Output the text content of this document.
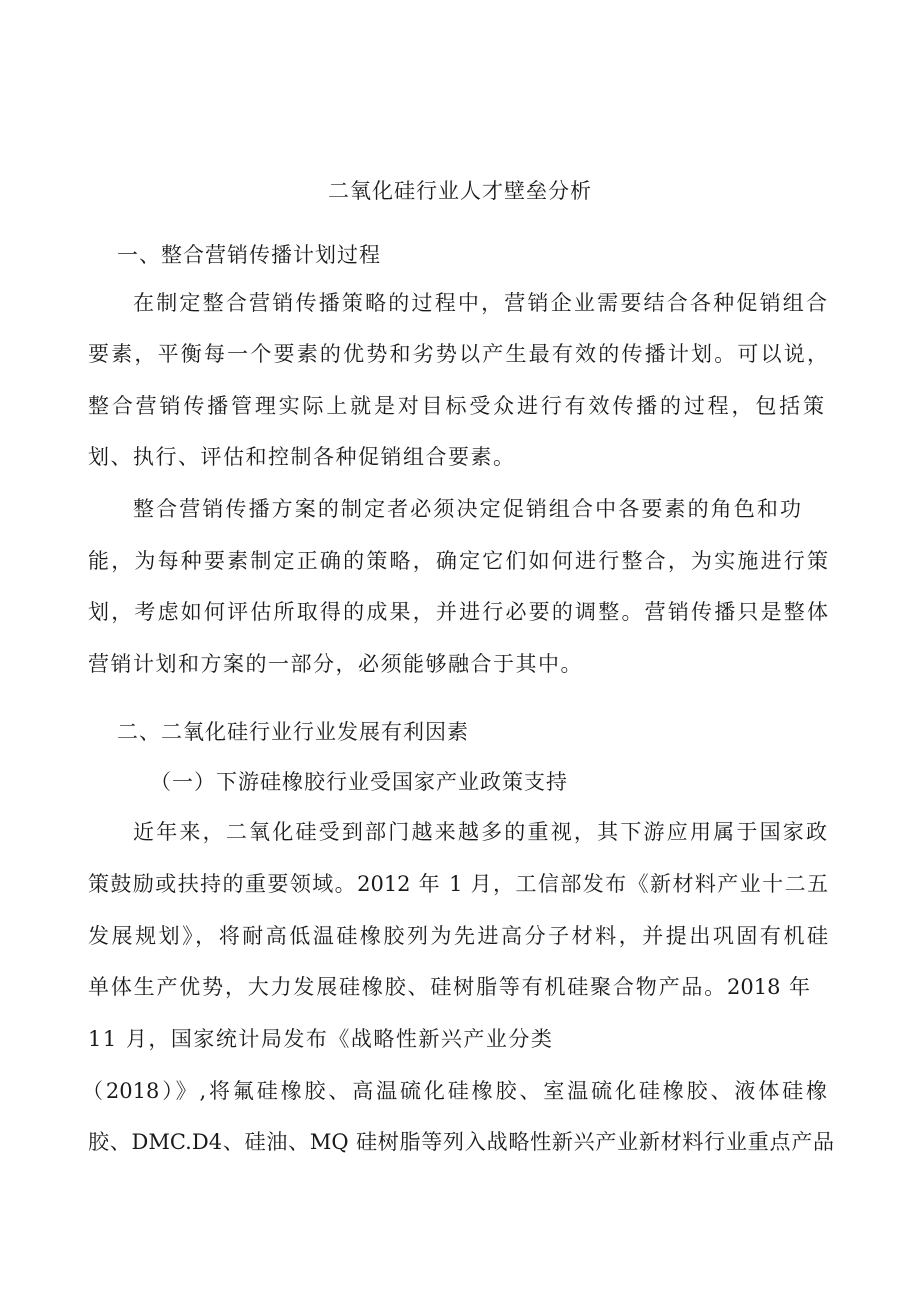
二氧化硅行业人才壁垒分析
一、整合营销传播计划过程
在制定整合营销传播策略的过程中，营销企业需要结合各种促销组合
要素，平衡每一个要素的优势和劣势以产生最有效的传播计划。可以说，
整合营销传播管理实际上就是对目标受众进行有效传播的过程，包括策
划、执行、评估和控制各种促销组合要素。
整合营销传播方案的制定者必须决定促销组合中各要素的角色和功
能，为每种要素制定正确的策略，确定它们如何进行整合，为实施进行策
划，考虑如何评估所取得的成果，并进行必要的调整。营销传播只是整体
营销计划和方案的一部分，必须能够融合于其中。
二、二氧化硅行业行业发展有利因素
（一）下游硅橡胶行业受国家产业政策支持
近年来，二氧化硅受到部门越来越多的重视，其下游应用属于国家政
策鼓励或扶持的重要领域。2012 年 1 月，工信部发布《新材料产业十二五
发展规划》，将耐高低温硅橡胶列为先进高分子材料，并提出巩固有机硅
单体生产优势，大力发展硅橡胶、硅树脂等有机硅聚合物产品。2018 年
11 月，国家统计局发布《战略性新兴产业分类
（2018）》,将氟硅橡胶、高温硫化硅橡胶、室温硫化硅橡胶、液体硅橡
胶、DMC.D4、硅油、MQ 硅树脂等列入战略性新兴产业新材料行业重点产品
